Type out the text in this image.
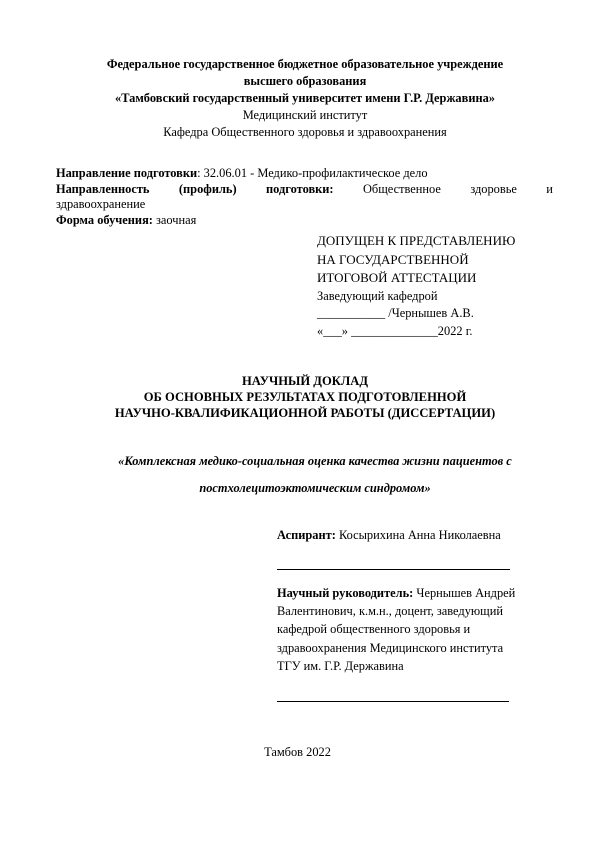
Федеральное государственное бюджетное образовательное учреждение
высшего образования
«Тамбовский государственный университет имени Г.Р. Державина»
Медицинский институт
Кафедра Общественного здоровья и здравоохранения
Направление подготовки: 32.06.01 - Медико-профилактическое дело
Направленность (профиль) подготовки: Общественное здоровье и
здравоохранение
Форма обучения: заочная
ДОПУЩЕН К ПРЕДСТАВЛЕНИЮ
НА ГОСУДАРСТВЕННОЙ
ИТОГОВОЙ АТТЕСТАЦИИ
Заведующий кафедрой
___________ /Чернышев А.В.
«___» ______________2022 г.
НАУЧНЫЙ ДОКЛАД
ОБ ОСНОВНЫХ РЕЗУЛЬТАТАХ ПОДГОТОВЛЕННОЙ
НАУЧНО-КВАЛИФИКАЦИОННОЙ РАБОТЫ (ДИССЕРТАЦИИ)
«Комплексная медико-социальная оценка качества жизни пациентов с
постхолецитоэктомическим синдромом»
Аспирант: Косырихина Анна Николаевна
Научный руководитель: Чернышев Андрей
Валентинович, к.м.н., доцент, заведующий
кафедрой общественного здоровья и
здравоохранения Медицинского института
ТГУ им. Г.Р. Державина
Тамбов 2022
